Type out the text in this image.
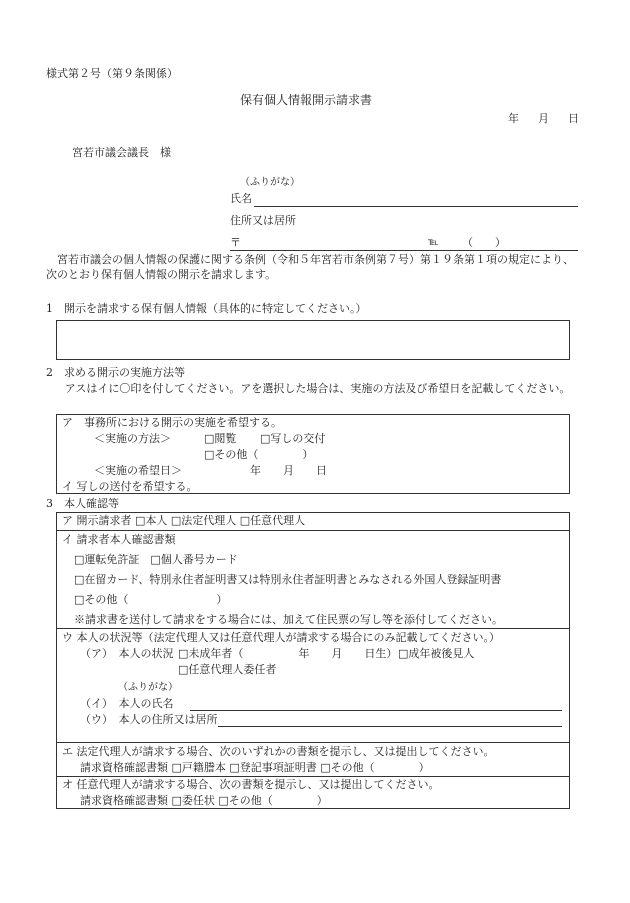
様式第２号（第９条関係）
保有個人情報開示請求書
年 月 日
宮若市議会議長　様
（ふりがな）
氏名
住所又は居所
〒	℡ （　　）
宮若市議会の個人情報の保護に関する条例（令和５年宮若市条例第７号）第１９条第１項の規定により、次のとおり保有個人情報の開示を請求します。
1　開示を請求する保有個人情報（具体的に特定してください。）
2　求める開示の実施方法等
アスはイに〇印を付してください。アを選択した場合は、実施の方法及び希望日を記載してください。
ア　事務所における開示の実施を希望する。
＜実施の方法＞	□閲覧 □写しの交付
□その他（　　　　）
＜実施の希望日＞	年　　月　　日
イ 写しの送付を希望する。
3　本人確認等
ア 開示請求者 □本人 □法定代理人 □任意代理人
イ 請求者本人確認書類
□運転免許証　□個人番号カード
□在留カード、特別永住者証明書又は特別永住者証明書とみなされる外国人登録証明書
□その他（　　　　　　　　）
※請求書を送付して請求をする場合には、加えて住民票の写し等を添付してください。
ウ 本人の状況等（法定代理人又は任意代理人が請求する場合にのみ記載してください。）
（ア）　本人の状況 □未成年者（　　　　　年　　月　　日生） □成年被後見人
□任意代理人委任者
（ふりがな）
（イ）　本人の氏名
（ウ）　本人の住所又は居所
エ 法定代理人が請求する場合、次のいずれかの書類を提示し、又は提出してください。
請求資格確認書類 □戸籍謄本 □登記事項証明書 □その他（　　　　）
オ 任意代理人が請求する場合、次の書類を提示し、又は提出してください。
請求資格確認書類 □委任状 □その他（　　　　）
